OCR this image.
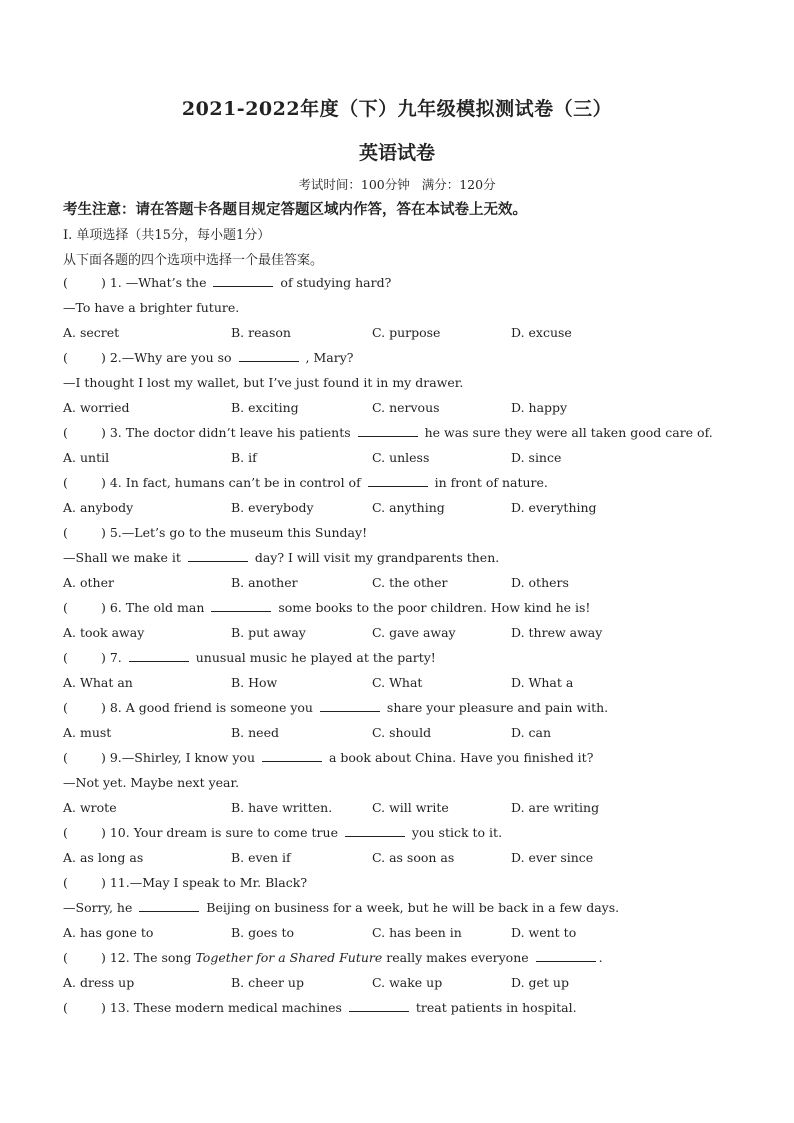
2021-2022年度（下）九年级模拟测试卷（三）
英语试卷
考试时间：100分钟 满分：120分
考生注意：请在答题卡各题目规定答题区域内作答，答在本试卷上无效。
I. 单项选择（共15分，每小题1分）
从下面各题的四个选项中选择一个最佳答案。
(	) 1. —What’s the	of studying hard?
—To have a brighter future.
A. secret	B. reason	C. purpose	D. excuse
(	) 2.—Why are you so	, Mary?
—I thought I lost my wallet, but I’ve just found it in my drawer.
A. worried	B. exciting	C. nervous	D. happy
(	) 3. The doctor didn’t leave his patients	he was sure they were all taken good care of.
A. until	B. if	C. unless	D. since
(	) 4. In fact, humans can’t be in control of	in front of nature.
A. anybody	B. everybody	C. anything	D. everything
(	) 5.—Let’s go to the museum this Sunday!
—Shall we make it	day? I will visit my grandparents then.
A. other	B. another	C. the other	D. others
(	) 6. The old man	some books to the poor children. How kind he is!
A. took away	B. put away	C. gave away	D. threw away
(	) 7.	unusual music he played at the party!
A. What an	B. How	C. What	D. What a
(	) 8. A good friend is someone you	share your pleasure and pain with.
A. must	B. need	C. should	D. can
(	) 9.—Shirley, I know you	a book about China. Have you finished it?
—Not yet. Maybe next year.
A. wrote	B. have written.	C. will write	D. are writing
(	) 10. Your dream is sure to come true	you stick to it.
A. as long as	B. even if	C. as soon as	D. ever since
(	) 11.—May I speak to Mr. Black?
—Sorry, he	Beijing on business for a week, but he will be back in a few days.
A. has gone to	B. goes to	C. has been in	D. went to
(	) 12. The song Together for a Shared Future really makes everyone	.
A. dress up	B. cheer up	C. wake up	D. get up
(	) 13. These modern medical machines	treat patients in hospital.
